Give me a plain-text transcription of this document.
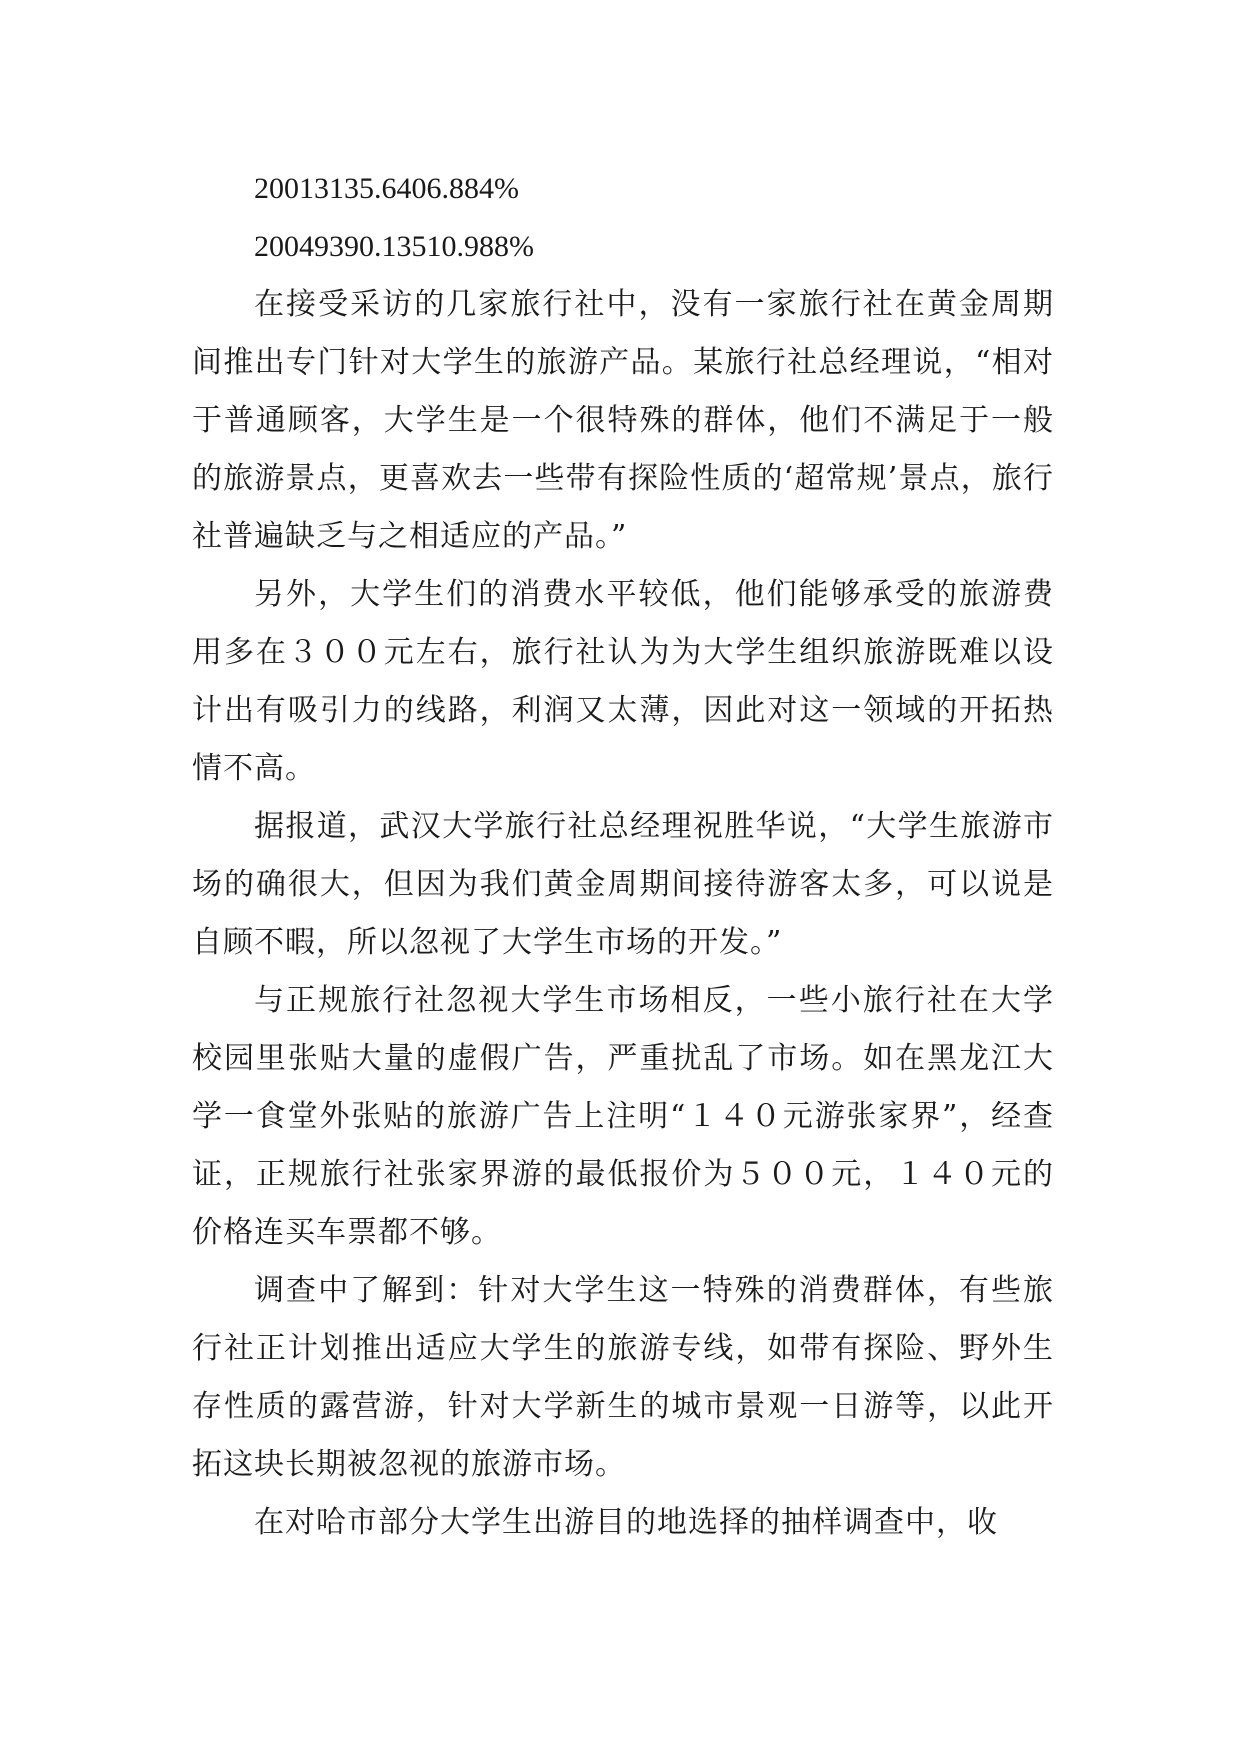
20013135.6406.884%

20049390.13510.988%

在接受采访的几家旅行社中，没有一家旅行社在黄金周期间推出专门针对大学生的旅游产品。某旅行社总经理说，“相对于普通顾客，大学生是一个很特殊的群体，他们不满足于一般的旅游景点，更喜欢去一些带有探险性质的‘超常规’景点，旅行社普遍缺乏与之相适应的产品。”

另外，大学生们的消费水平较低，他们能够承受的旅游费用多在３００元左右，旅行社认为为大学生组织旅游既难以设计出有吸引力的线路，利润又太薄，因此对这一领域的开拓热情不高。

据报道，武汉大学旅行社总经理祝胜华说，“大学生旅游市场的确很大，但因为我们黄金周期间接待游客太多，可以说是自顾不暇，所以忽视了大学生市场的开发。”

与正规旅行社忽视大学生市场相反，一些小旅行社在大学校园里张贴大量的虚假广告，严重扰乱了市场。如在黑龙江大学一食堂外张贴的旅游广告上注明“１４０元游张家界”，经查证，正规旅行社张家界游的最低报价为５００元，１４０元的价格连买车票都不够。

调查中了解到：针对大学生这一特殊的消费群体，有些旅行社正计划推出适应大学生的旅游专线，如带有探险、野外生存性质的露营游，针对大学新生的城市景观一日游等，以此开拓这块长期被忽视的旅游市场。

在对哈市部分大学生出游目的地选择的抽样调查中，收
